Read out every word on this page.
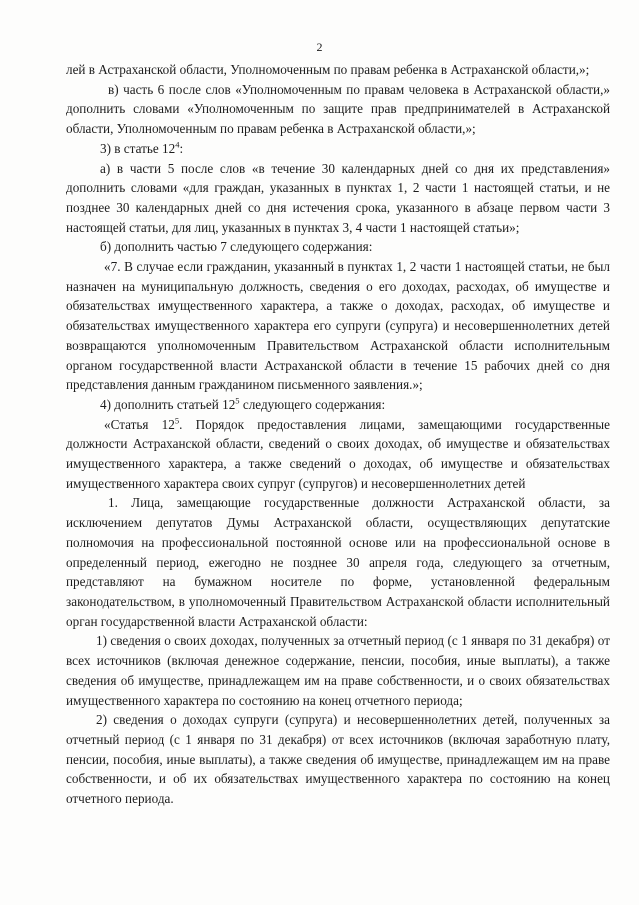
2

лей в Астраханской области, Уполномоченным по правам ребенка в Астраханской области,»;

в) часть 6 после слов «Уполномоченным по правам человека в Астраханской области,» дополнить словами «Уполномоченным по защите прав предпринимателей в Астраханской области, Уполномоченным по правам ребенка в Астраханской области,»;

3) в статье $12^4$:

а) в части 5 после слов «в течение 30 календарных дней со дня их представления» дополнить словами «для граждан, указанных в пунктах 1, 2 части 1 настоящей статьи, и не позднее 30 календарных дней со дня истечения срока, указанного в абзаце первом части 3 настоящей статьи, для лиц, указанных в пунктах 3, 4 части 1 настоящей статьи»;

б) дополнить частью 7 следующего содержания:

«7. В случае если гражданин, указанный в пунктах 1, 2 части 1 настоящей статьи, не был назначен на муниципальную должность, сведения о его доходах, расходах, об имуществе и обязательствах имущественного характера, а также о доходах, расходах, об имуществе и обязательствах имущественного характера его супруги (супруга) и несовершеннолетних детей возвращаются уполномоченным Правительством Астраханской области исполнительным органом государственной власти Астраханской области в течение 15 рабочих дней со дня представления данным гражданином письменного заявления.»;

4) дополнить статьей $12^5$ следующего содержания:

«Статья $12^5$. Порядок предоставления лицами, замещающими государственные должности Астраханской области, сведений о своих доходах, об имуществе и обязательствах имущественного характера, а также сведений о доходах, об имуществе и обязательствах имущественного характера своих супруг (супругов) и несовершеннолетних детей

1. Лица, замещающие государственные должности Астраханской области, за исключением депутатов Думы Астраханской области, осуществляющих депутатские полномочия на профессиональной постоянной основе или на профессиональной основе в определенный период, ежегодно не позднее 30 апреля года, следующего за отчетным, представляют на бумажном носителе по форме, установленной федеральным законодательством, в уполномоченный Правительством Астраханской области исполнительный орган государственной власти Астраханской области:

1) сведения о своих доходах, полученных за отчетный период (с 1 января по 31 декабря) от всех источников (включая денежное содержание, пенсии, пособия, иные выплаты), а также сведения об имуществе, принадлежащем им на праве собственности, и о своих обязательствах имущественного характера по состоянию на конец отчетного периода;

2) сведения о доходах супруги (супруга) и несовершеннолетних детей, полученных за отчетный период (с 1 января по 31 декабря) от всех источников (включая заработную плату, пенсии, пособия, иные выплаты), а также сведения об имуществе, принадлежащем им на праве собственности, и об их обязательствах имущественного характера по состоянию на конец отчетного периода.
